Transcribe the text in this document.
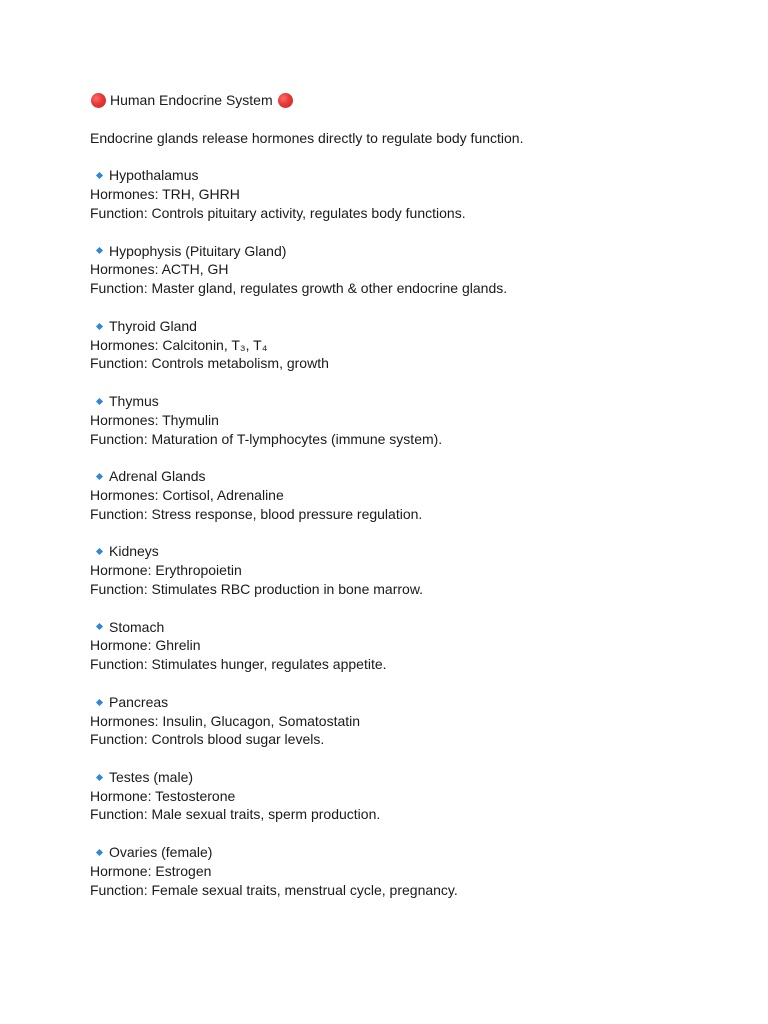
Human Endocrine System
Endocrine glands release hormones directly to regulate body function.
Hypothalamus
Hormones: TRH, GHRH
Function: Controls pituitary activity, regulates body functions.
Hypophysis (Pituitary Gland)
Hormones: ACTH, GH
Function: Master gland, regulates growth & other endocrine glands.
Thyroid Gland
Hormones: Calcitonin, T₃, T₄
Function: Controls metabolism, growth
Thymus
Hormones: Thymulin
Function: Maturation of T-lymphocytes (immune system).
Adrenal Glands
Hormones: Cortisol, Adrenaline
Function: Stress response, blood pressure regulation.
Kidneys
Hormone: Erythropoietin
Function: Stimulates RBC production in bone marrow.
Stomach
Hormone: Ghrelin
Function: Stimulates hunger, regulates appetite.
Pancreas
Hormones: Insulin, Glucagon, Somatostatin
Function: Controls blood sugar levels.
Testes (male)
Hormone: Testosterone
Function: Male sexual traits, sperm production.
Ovaries (female)
Hormone: Estrogen
Function: Female sexual traits, menstrual cycle, pregnancy.
